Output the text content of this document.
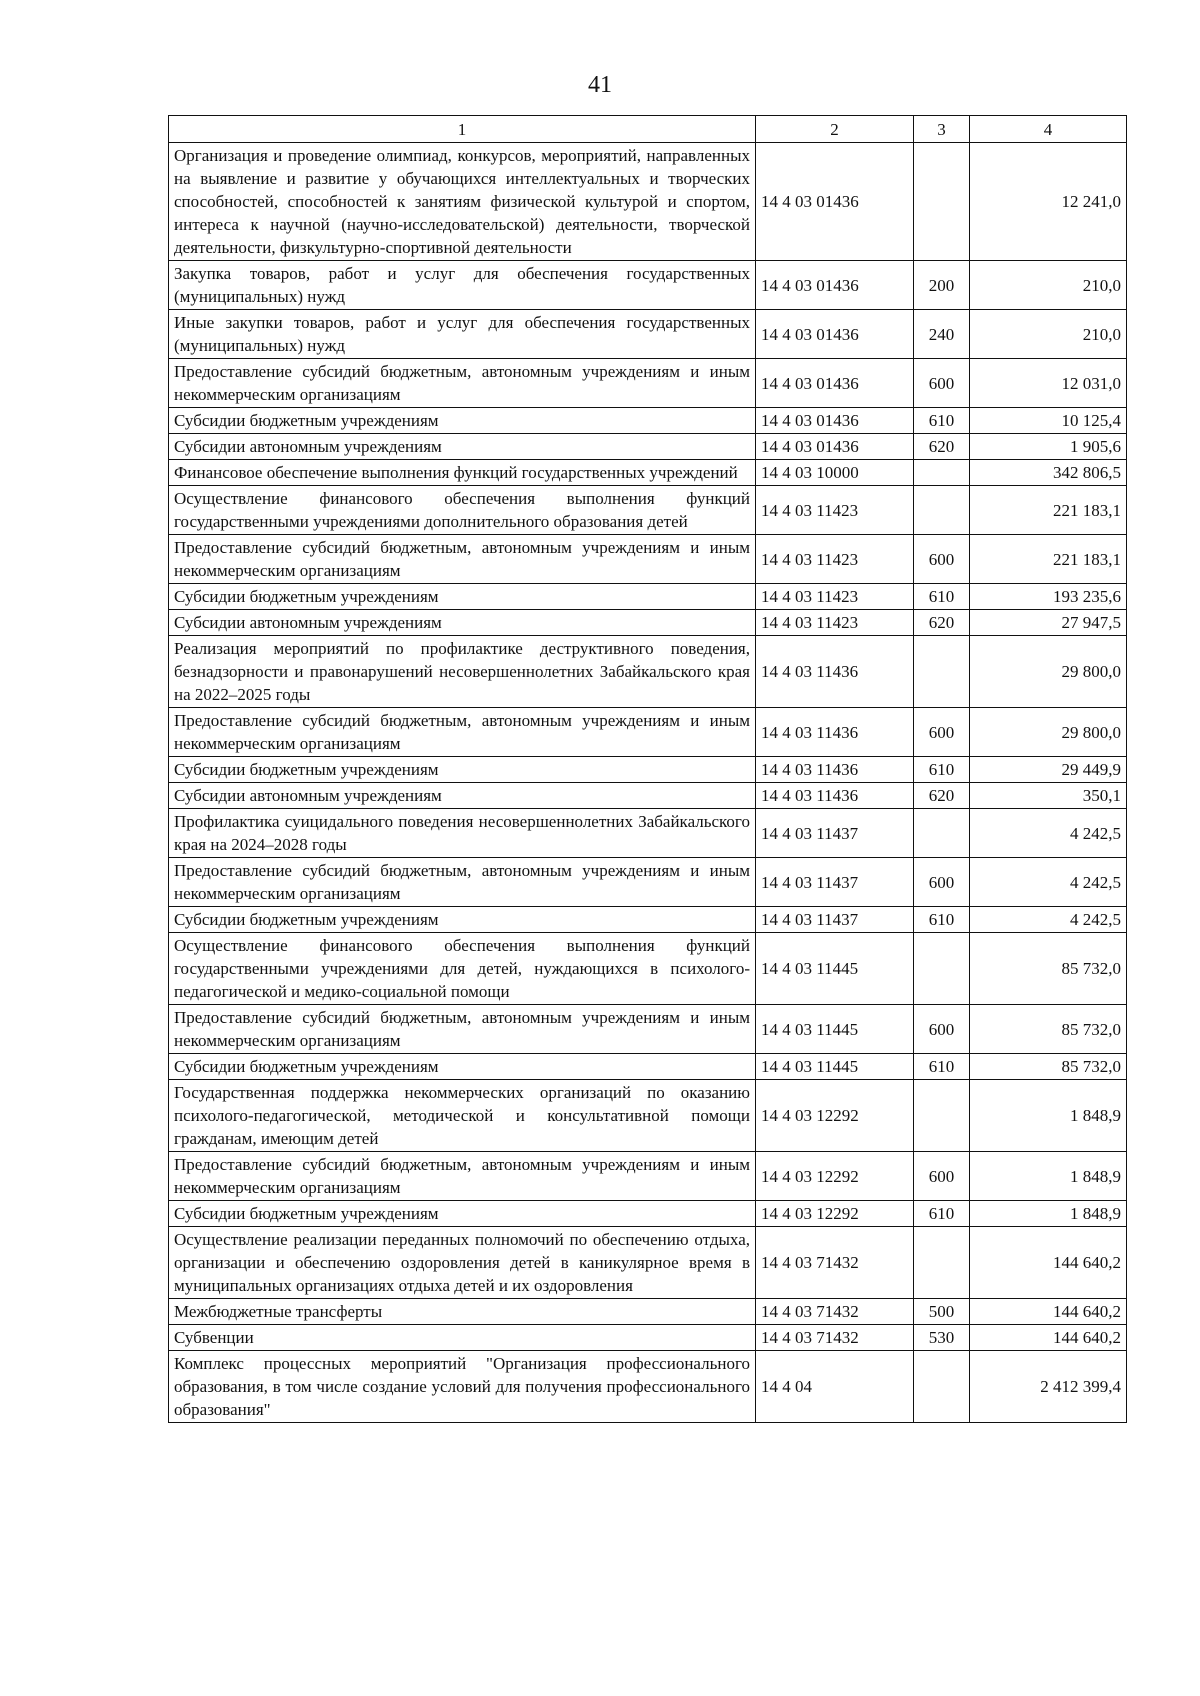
41
1	2	3	4
Организация и проведение олимпиад, конкурсов, мероприятий, направленных на выявление и развитие у обучающихся интеллектуальных и творческих способностей, способностей к занятиям физической культурой и спортом, интереса к научной (научно-исследовательской) деятельности, творческой деятельности, физкультурно-спортивной деятельности	14 4 03 01436		12 241,0
Закупка товаров, работ и услуг для обеспечения государственных (муниципальных) нужд	14 4 03 01436	200	210,0
Иные закупки товаров, работ и услуг для обеспечения государственных (муниципальных) нужд	14 4 03 01436	240	210,0
Предоставление субсидий бюджетным, автономным учреждениям и иным некоммерческим организациям	14 4 03 01436	600	12 031,0
Субсидии бюджетным учреждениям	14 4 03 01436	610	10 125,4
Субсидии автономным учреждениям	14 4 03 01436	620	1 905,6
Финансовое обеспечение выполнения функций государственных учреждений	14 4 03 10000		342 806,5
Осуществление финансового обеспечения выполнения функций государственными учреждениями дополнительного образования детей	14 4 03 11423		221 183,1
Предоставление субсидий бюджетным, автономным учреждениям и иным некоммерческим организациям	14 4 03 11423	600	221 183,1
Субсидии бюджетным учреждениям	14 4 03 11423	610	193 235,6
Субсидии автономным учреждениям	14 4 03 11423	620	27 947,5
Реализация мероприятий по профилактике деструктивного поведения, безнадзорности и правонарушений несовершеннолетних Забайкальского края на 2022–2025 годы	14 4 03 11436		29 800,0
Предоставление субсидий бюджетным, автономным учреждениям и иным некоммерческим организациям	14 4 03 11436	600	29 800,0
Субсидии бюджетным учреждениям	14 4 03 11436	610	29 449,9
Субсидии автономным учреждениям	14 4 03 11436	620	350,1
Профилактика суицидального поведения несовершеннолетних Забайкальского края на 2024–2028 годы	14 4 03 11437		4 242,5
Предоставление субсидий бюджетным, автономным учреждениям и иным некоммерческим организациям	14 4 03 11437	600	4 242,5
Субсидии бюджетным учреждениям	14 4 03 11437	610	4 242,5
Осуществление финансового обеспечения выполнения функций государственными учреждениями для детей, нуждающихся в психолого-педагогической и медико-социальной помощи	14 4 03 11445		85 732,0
Предоставление субсидий бюджетным, автономным учреждениям и иным некоммерческим организациям	14 4 03 11445	600	85 732,0
Субсидии бюджетным учреждениям	14 4 03 11445	610	85 732,0
Государственная поддержка некоммерческих организаций по оказанию психолого-педагогической, методической и консультативной помощи гражданам, имеющим детей	14 4 03 12292		1 848,9
Предоставление субсидий бюджетным, автономным учреждениям и иным некоммерческим организациям	14 4 03 12292	600	1 848,9
Субсидии бюджетным учреждениям	14 4 03 12292	610	1 848,9
Осуществление реализации переданных полномочий по обеспечению отдыха, организации и обеспечению оздоровления детей в каникулярное время в муниципальных организациях отдыха детей и их оздоровления	14 4 03 71432		144 640,2
Межбюджетные трансферты	14 4 03 71432	500	144 640,2
Субвенции	14 4 03 71432	530	144 640,2
Комплекс процессных мероприятий "Организация профессионального образования, в том числе создание условий для получения профессионального образования"	14 4 04		2 412 399,4
